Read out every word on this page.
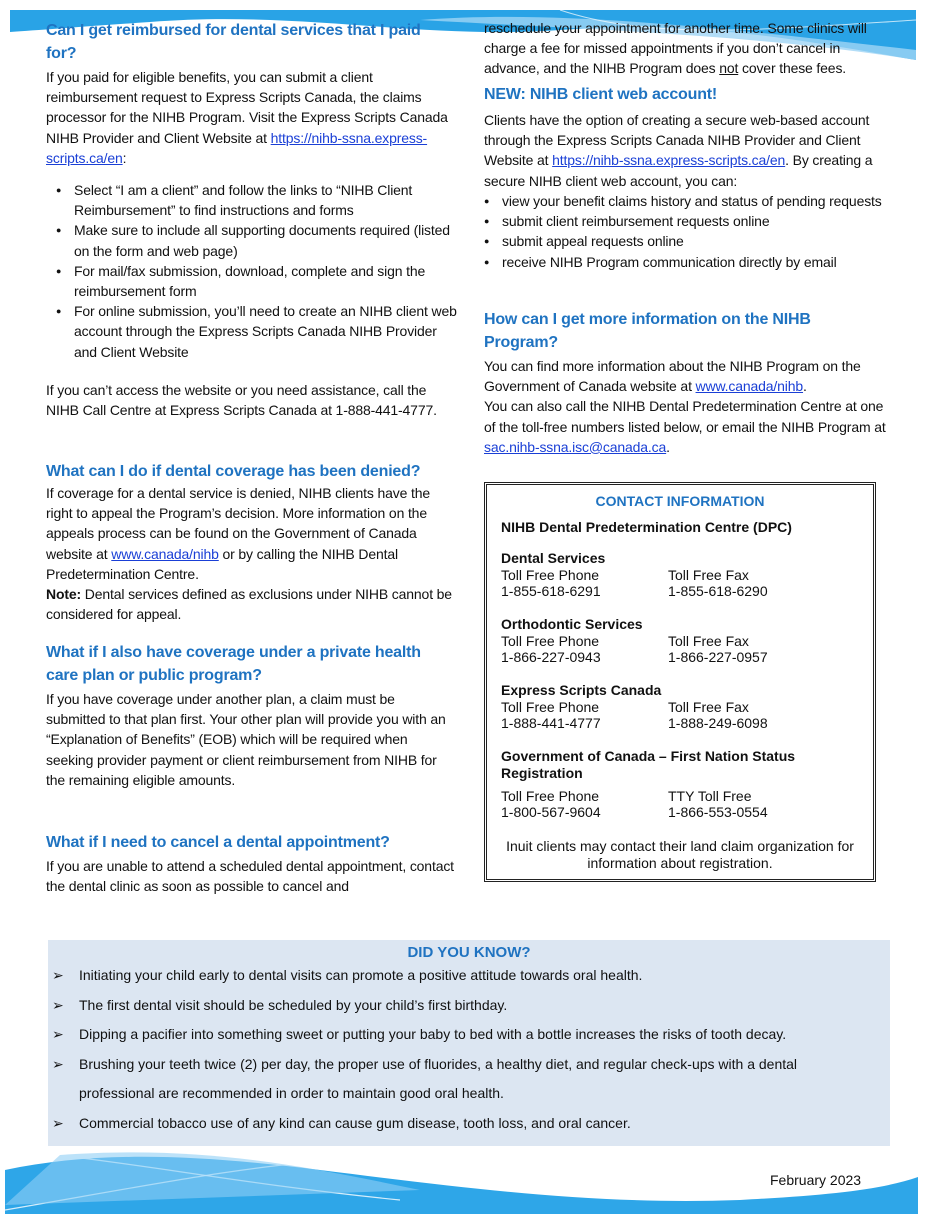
Can I get reimbursed for dental services that I paid for?
If you paid for eligible benefits, you can submit a client reimbursement request to Express Scripts Canada, the claims processor for the NIHB Program. Visit the Express Scripts Canada NIHB Provider and Client Website at https://nihb-ssna.express-scripts.ca/en:
● Select “I am a client” and follow the links to “NIHB Client Reimbursement” to find instructions and forms
● Make sure to include all supporting documents required (listed on the form and web page)
● For mail/fax submission, download, complete and sign the reimbursement form
● For online submission, you’ll need to create an NIHB client web account through the Express Scripts Canada NIHB Provider and Client Website
If you can’t access the website or you need assistance, call the NIHB Call Centre at Express Scripts Canada at 1-888-441-4777.
What can I do if dental coverage has been denied?
If coverage for a dental service is denied, NIHB clients have the right to appeal the Program’s decision. More information on the appeals process can be found on the Government of Canada website at www.canada/nihb or by calling the NIHB Dental Predetermination Centre.
Note: Dental services defined as exclusions under NIHB cannot be considered for appeal.
What if I also have coverage under a private health care plan or public program?
If you have coverage under another plan, a claim must be submitted to that plan first. Your other plan will provide you with an “Explanation of Benefits” (EOB) which will be required when seeking provider payment or client reimbursement from NIHB for the remaining eligible amounts.
What if I need to cancel a dental appointment?
If you are unable to attend a scheduled dental appointment, contact the dental clinic as soon as possible to cancel and
reschedule your appointment for another time. Some clinics will charge a fee for missed appointments if you don’t cancel in advance, and the NIHB Program does not cover these fees.
NEW: NIHB client web account!
Clients have the option of creating a secure web-based account through the Express Scripts Canada NIHB Provider and Client Website at https://nihb-ssna.express-scripts.ca/en. By creating a secure NIHB client web account, you can:
● view your benefit claims history and status of pending requests
● submit client reimbursement requests online
● submit appeal requests online
● receive NIHB Program communication directly by email
How can I get more information on the NIHB Program?
You can find more information about the NIHB Program on the Government of Canada website at www.canada/nihb.
You can also call the NIHB Dental Predetermination Centre at one of the toll-free numbers listed below, or email the NIHB Program at sac.nihb-ssna.isc@canada.ca.
CONTACT INFORMATION
NIHB Dental Predetermination Centre (DPC)
Dental Services
Toll Free Phone	Toll Free Fax
1-855-618-6291	1-855-618-6290
Orthodontic Services
Toll Free Phone	Toll Free Fax
1-866-227-0943	1-866-227-0957
Express Scripts Canada
Toll Free Phone	Toll Free Fax
1-888-441-4777	1-888-249-6098
Government of Canada – First Nation Status Registration
Toll Free Phone	TTY Toll Free
1-800-567-9604	1-866-553-0554
Inuit clients may contact their land claim organization for information about registration.
DID YOU KNOW?
➢ Initiating your child early to dental visits can promote a positive attitude towards oral health.
➢ The first dental visit should be scheduled by your child’s first birthday.
➢ Dipping a pacifier into something sweet or putting your baby to bed with a bottle increases the risks of tooth decay.
➢ Brushing your teeth twice (2) per day, the proper use of fluorides, a healthy diet, and regular check-ups with a dental professional are recommended in order to maintain good oral health.
➢ Commercial tobacco use of any kind can cause gum disease, tooth loss, and oral cancer.
February 2023
